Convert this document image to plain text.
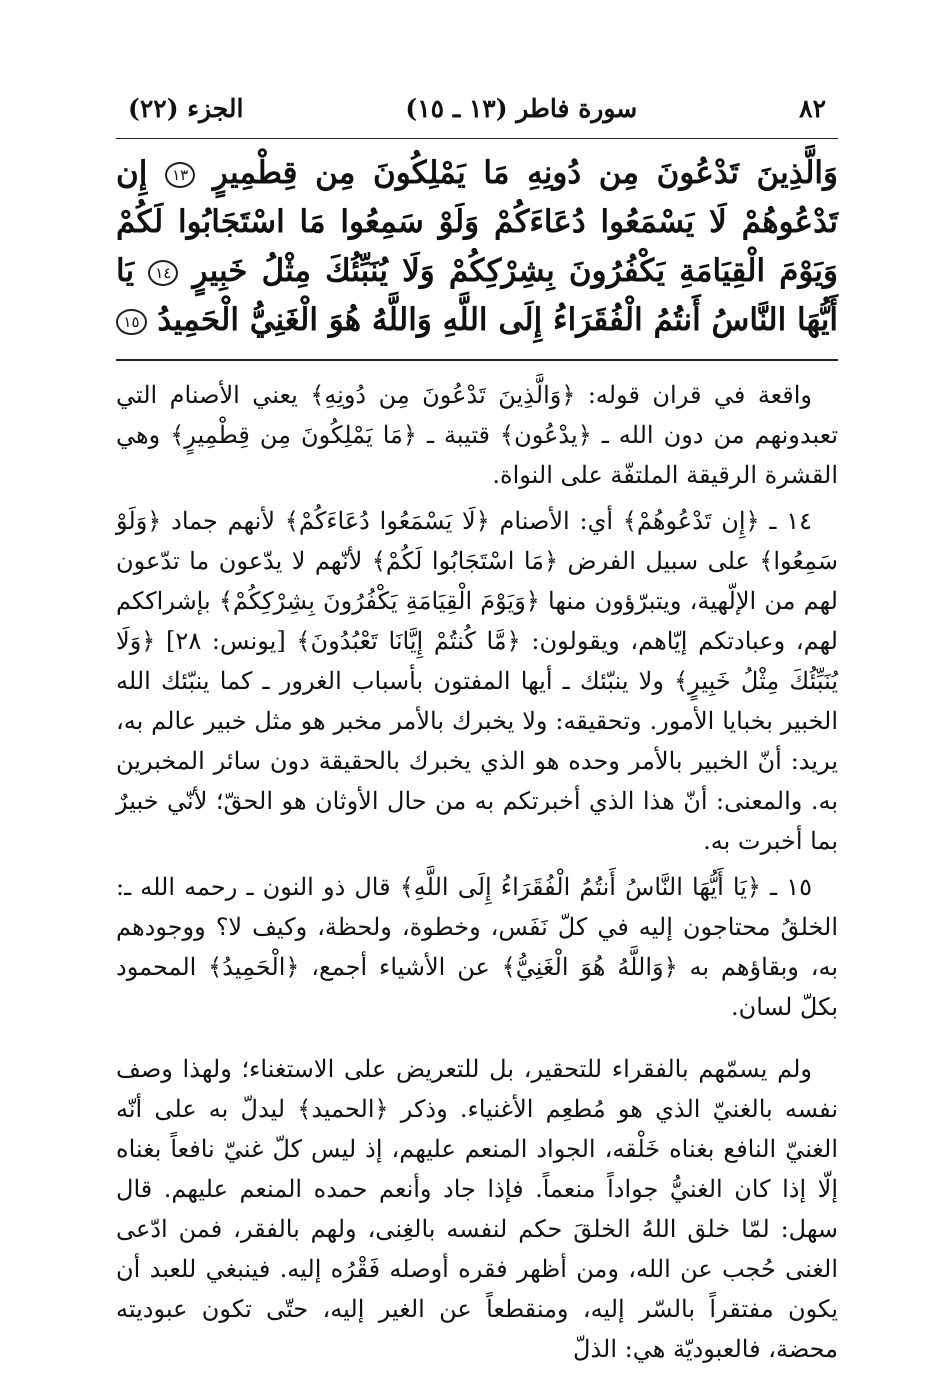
٨٢
سورة فاطر (١٣ ـ ١٥)
الجزء (٢٢)
وَالَّذِينَ تَدْعُونَ مِن دُونِهِ مَا يَمْلِكُونَ مِن قِطْمِيرٍ ١٣ إِن تَدْعُوهُمْ لَا يَسْمَعُوا دُعَاءَكُمْ وَلَوْ سَمِعُوا مَا اسْتَجَابُوا لَكُمْ وَيَوْمَ الْقِيَامَةِ يَكْفُرُونَ بِشِرْكِكُمْ وَلَا يُنَبِّئُكَ مِثْلُ خَبِيرٍ ١٤ يَا أَيُّهَا النَّاسُ أَنتُمُ الْفُقَرَاءُ إِلَى اللَّهِ وَاللَّهُ هُوَ الْغَنِيُّ الْحَمِيدُ ١٥

واقعة في قران قوله: ﴿وَالَّذِينَ تَدْعُونَ مِن دُونِهِ﴾ يعني الأصنام التي تعبدونهم من دون الله ـ ﴿يدْعُون﴾ قتيبة ـ ﴿مَا يَمْلِكُونَ مِن قِطْمِيرٍ﴾ وهي القشرة الرقيقة الملتفّة على النواة.

١٤ ـ ﴿إِن تَدْعُوهُمْ﴾ أي: الأصنام ﴿لَا يَسْمَعُوا دُعَاءَكُمْ﴾ لأنهم جماد ﴿وَلَوْ سَمِعُوا﴾ على سبيل الفرض ﴿مَا اسْتَجَابُوا لَكُمْ﴾ لأنّهم لا يدّعون ما تدّعون لهم من الإلّهية، ويتبرّؤون منها ﴿وَيَوْمَ الْقِيَامَةِ يَكْفُرُونَ بِشِرْكِكُمْ﴾ بإشراككم لهم، وعبادتكم إيّاهم، ويقولون: ﴿مَّا كُنتُمْ إِيَّانَا تَعْبُدُونَ﴾ [يونس: ٢٨] ﴿وَلَا يُنَبِّئُكَ مِثْلُ خَبِيرٍ﴾ ولا ينبّئك ـ أيها المفتون بأسباب الغرور ـ كما ينبّئك الله الخبير بخبايا الأمور. وتحقيقه: ولا يخبرك بالأمر مخبر هو مثل خبير عالم به، يريد: أنّ الخبير بالأمر وحده هو الذي يخبرك بالحقيقة دون سائر المخبرين به. والمعنى: أنّ هذا الذي أخبرتكم به من حال الأوثان هو الحقّ؛ لأنّي خبيرٌ بما أخبرت به.

١٥ ـ ﴿يَا أَيُّهَا النَّاسُ أَنتُمُ الْفُقَرَاءُ إِلَى اللَّهِ﴾ قال ذو النون ـ رحمه الله ـ: الخلقُ محتاجون إليه في كلّ نَفَس، وخطوة، ولحظة، وكيف لا؟ ووجودهم به، وبقاؤهم به ﴿وَاللَّهُ هُوَ الْغَنِيُّ﴾ عن الأشياء أجمع، ﴿الْحَمِيدُ﴾ المحمود بكلّ لسان.

ولم يسمّهم بالفقراء للتحقير، بل للتعريض على الاستغناء؛ ولهذا وصف نفسه بالغنيّ الذي هو مُطعِم الأغنياء. وذكر ﴿الحميد﴾ ليدلّ به على أنّه الغنيّ النافع بغناه خَلْقه، الجواد المنعم عليهم، إذ ليس كلّ غنيّ نافعاً بغناه إلّا إذا كان الغنيُّ جواداً منعماً. فإذا جاد وأنعم حمده المنعم عليهم. قال سهل: لمّا خلق اللهُ الخلقَ حكم لنفسه بالغِنى، ولهم بالفقر، فمن ادّعى الغنى حُجب عن الله، ومن أظهر فقره أوصله فَقْرُه إليه. فينبغي للعبد أن يكون مفتقراً بالسّر إليه، ومنقطعاً عن الغير إليه، حتّى تكون عبوديته محضة، فالعبوديّة هي: الذلّ
